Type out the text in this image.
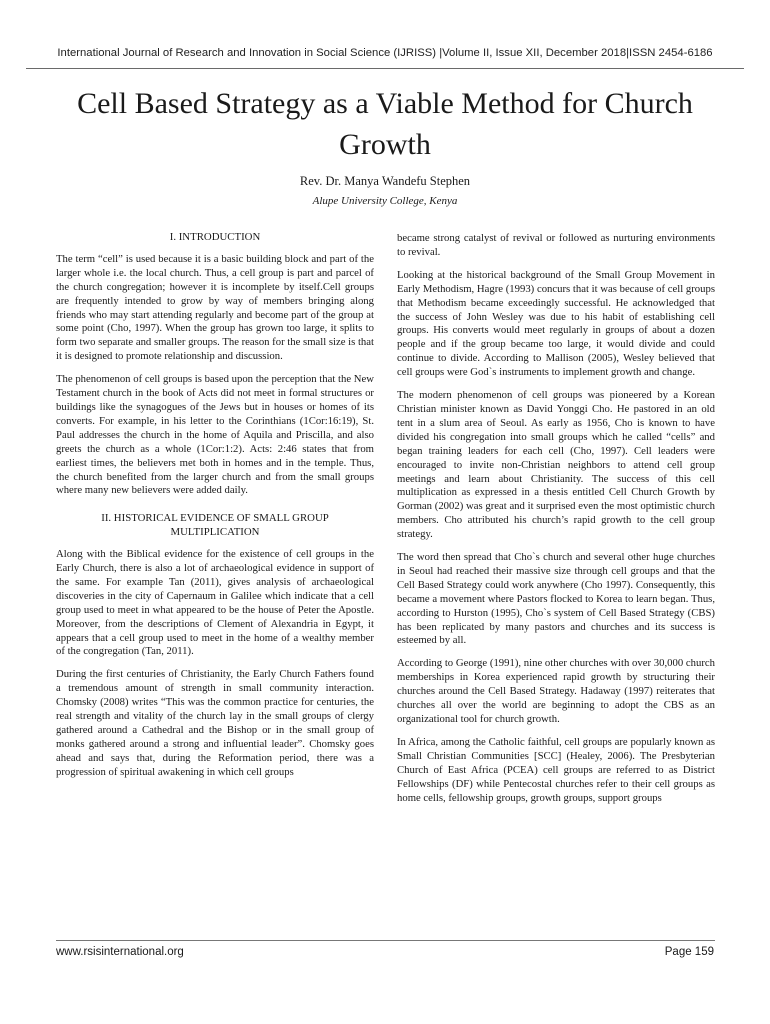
International Journal of Research and Innovation in Social Science (IJRISS) |Volume II, Issue XII, December 2018|ISSN 2454-6186
Cell Based Strategy as a Viable Method for Church Growth
Rev. Dr. Manya Wandefu Stephen
Alupe University College, Kenya
I. INTRODUCTION

The term “cell” is used because it is a basic building block and part of the larger whole i.e. the local church. Thus, a cell group is part and parcel of the church congregation; however it is incomplete by itself.Cell groups are frequently intended to grow by way of members bringing along friends who may start attending regularly and become part of the group at some point (Cho, 1997). When the group has grown too large, it splits to form two separate and smaller groups. The reason for the small size is that it is designed to promote relationship and discussion.

The phenomenon of cell groups is based upon the perception that the New Testament church in the book of Acts did not meet in formal structures or buildings like the synagogues of the Jews but in houses or homes of its converts. For example, in his letter to the Corinthians (1Cor:16:19), St. Paul addresses the church in the home of Aquila and Priscilla, and also greets the church as a whole (1Cor:1:2). Acts: 2:46 states that from earliest times, the believers met both in homes and in the temple. Thus, the church benefited from the larger church and from the small groups where many new believers were added daily.

II. HISTORICAL EVIDENCE OF SMALL GROUP
MULTIPLICATION

Along with the Biblical evidence for the existence of cell groups in the Early Church, there is also a lot of archaeological evidence in support of the same. For example Tan (2011), gives analysis of archaeological discoveries in the city of Capernaum in Galilee which indicate that a cell group used to meet in what appeared to be the house of Peter the Apostle. Moreover, from the descriptions of Clement of Alexandria in Egypt, it appears that a cell group used to meet in the home of a wealthy member of the congregation (Tan, 2011).

During the first centuries of Christianity, the Early Church Fathers found a tremendous amount of strength in small community interaction. Chomsky (2008) writes “This was the common practice for centuries, the real strength and vitality of the church lay in the small groups of clergy gathered around a Cathedral and the Bishop or in the small group of monks gathered around a strong and influential leader”. Chomsky goes ahead and says that, during the Reformation period, there was a progression of spiritual awakening in which cell groups

became strong catalyst of revival or followed as nurturing environments to revival.

Looking at the historical background of the Small Group Movement in Early Methodism, Hagre (1993) concurs that it was because of cell groups that Methodism became exceedingly successful. He acknowledged that the success of John Wesley was due to his habit of establishing cell groups. His converts would meet regularly in groups of about a dozen people and if the group became too large, it would divide and could continue to divide. According to Mallison (2005), Wesley believed that cell groups were God`s instruments to implement growth and change.

The modern phenomenon of cell groups was pioneered by a Korean Christian minister known as David Yonggi Cho. He pastored in an old tent in a slum area of Seoul. As early as 1956, Cho is known to have divided his congregation into small groups which he called “cells” and began training leaders for each cell (Cho, 1997). Cell leaders were encouraged to invite non-Christian neighbors to attend cell group meetings and learn about Christianity. The success of this cell multiplication as expressed in a thesis entitled Cell Church Growth by Gorman (2002) was great and it surprised even the most optimistic church members. Cho attributed his church’s rapid growth to the cell group strategy.

The word then spread that Cho`s church and several other huge churches in Seoul had reached their massive size through cell groups and that the Cell Based Strategy could work anywhere (Cho 1997). Consequently, this became a movement where Pastors flocked to Korea to learn began. Thus, according to Hurston (1995), Cho`s system of Cell Based Strategy (CBS) has been replicated by many pastors and churches and its success is esteemed by all.

According to George (1991), nine other churches with over 30,000 church memberships in Korea experienced rapid growth by structuring their churches around the Cell Based Strategy. Hadaway (1997) reiterates that churches all over the world are beginning to adopt the CBS as an organizational tool for church growth.

In Africa, among the Catholic faithful, cell groups are popularly known as Small Christian Communities [SCC] (Healey, 2006). The Presbyterian Church of East Africa (PCEA) cell groups are referred to as District Fellowships (DF) while Pentecostal churches refer to their cell groups as home cells, fellowship groups, growth groups, support groups

www.rsisinternational.org	Page 159
